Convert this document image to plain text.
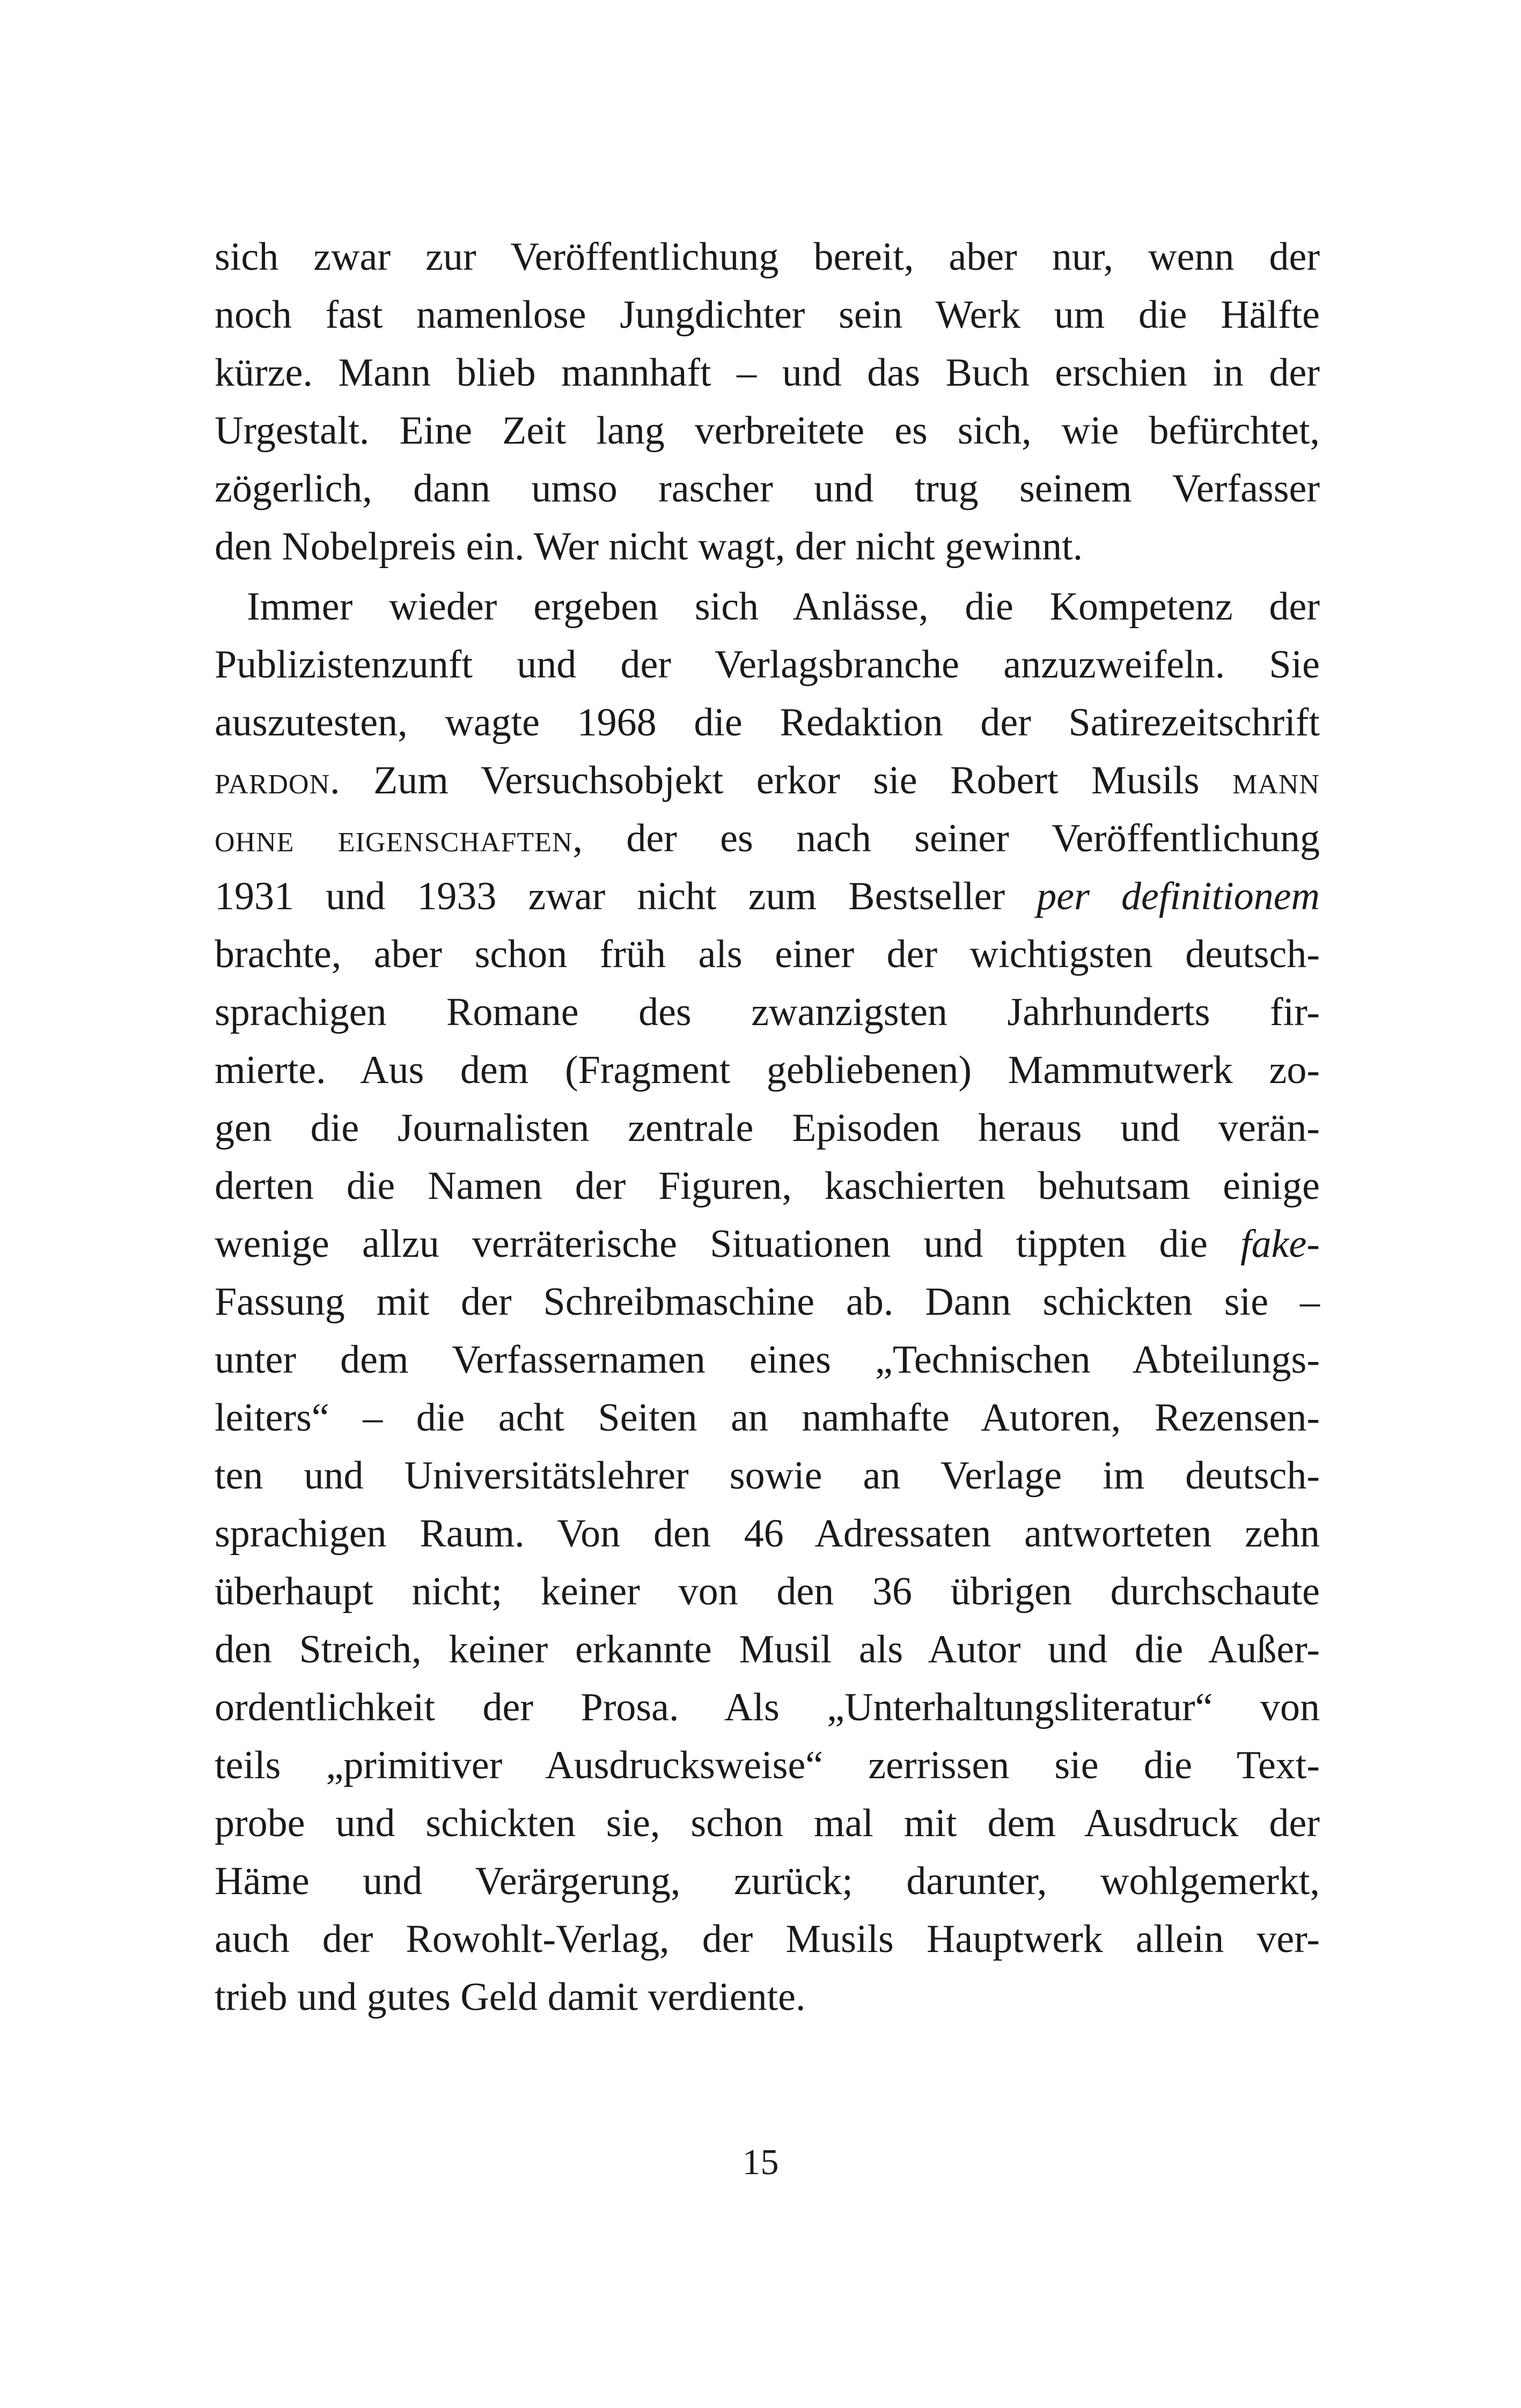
sich zwar zur Veröffentlichung bereit, aber nur, wenn der
noch fast namenlose Jungdichter sein Werk um die Hälfte
kürze. Mann blieb mannhaft – und das Buch erschien in der
Urgestalt. Eine Zeit lang verbreitete es sich, wie befürchtet,
zögerlich, dann umso rascher und trug seinem Verfasser
den Nobelpreis ein. Wer nicht wagt, der nicht gewinnt.
Immer wieder ergeben sich Anlässe, die Kompetenz der
Publizistenzunft und der Verlagsbranche anzuzweifeln. Sie
auszutesten, wagte 1968 die Redaktion der Satirezeitschrift
pardon. Zum Versuchsobjekt erkor sie Robert Musils mann
ohne eigenschaften, der es nach seiner Veröffentlichung
1931 und 1933 zwar nicht zum Bestseller per definitionem
brachte, aber schon früh als einer der wichtigsten deutsch-
sprachigen Romane des zwanzigsten Jahrhunderts fir-
mierte. Aus dem (Fragment gebliebenen) Mammutwerk zo-
gen die Journalisten zentrale Episoden heraus und verän-
derten die Namen der Figuren, kaschierten behutsam einige
wenige allzu verräterische Situationen und tippten die fake-
Fassung mit der Schreibmaschine ab. Dann schickten sie –
unter dem Verfassernamen eines „Technischen Abteilungs-
leiters“ – die acht Seiten an namhafte Autoren, Rezensen-
ten und Universitätslehrer sowie an Verlage im deutsch-
sprachigen Raum. Von den 46 Adressaten antworteten zehn
überhaupt nicht; keiner von den 36 übrigen durchschaute
den Streich, keiner erkannte Musil als Autor und die Außer-
ordentlichkeit der Prosa. Als „Unterhaltungsliteratur“ von
teils „primitiver Ausdrucksweise“ zerrissen sie die Text-
probe und schickten sie, schon mal mit dem Ausdruck der
Häme und Verärgerung, zurück; darunter, wohlgemerkt,
auch der Rowohlt-Verlag, der Musils Hauptwerk allein ver-
trieb und gutes Geld damit verdiente.
15
